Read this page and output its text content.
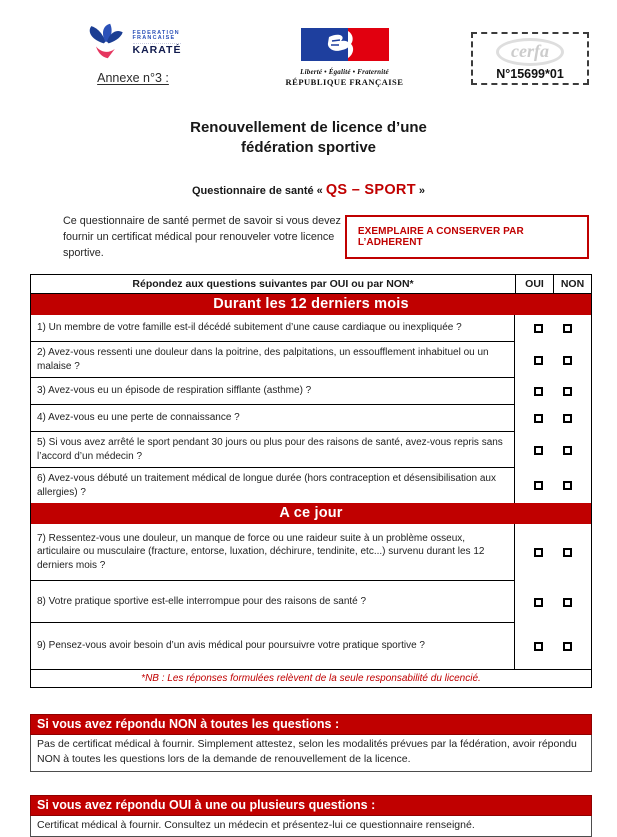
FEDERATION
FRANCAISE
KARATÉ
Annexe n°3 :	Liberté • Égalité • Fraternité
RÉPUBLIQUE FRANÇAISE
cerfa
N°15699*01
Renouvellement de licence d’une
fédération sportive
Questionnaire de santé « QS – SPORT »
Ce questionnaire de santé permet de savoir si vous devez fournir un certificat médical pour renouveler votre licence sportive.
EXEMPLAIRE A CONSERVER PAR L’ADHERENT
Répondez aux questions suivantes par OUI ou par NON*	OUI	NON
Durant les 12 derniers mois
1) Un membre de votre famille est-il décédé subitement d’une cause cardiaque ou inexpliquée ?
2) Avez-vous ressenti une douleur dans la poitrine, des palpitations, un essoufflement inhabituel ou un malaise ?
3) Avez-vous eu un épisode de respiration sifflante (asthme) ?
4) Avez-vous eu une perte de connaissance ?
5) Si vous avez arrêté le sport pendant 30 jours ou plus pour des raisons de santé, avez-vous repris sans l’accord d’un médecin ?
6) Avez-vous débuté un traitement médical de longue durée (hors contraception et désensibilisation aux allergies) ?
A ce jour
7) Ressentez-vous une douleur, un manque de force ou une raideur suite à un problème osseux, articulaire ou musculaire (fracture, entorse, luxation, déchirure, tendinite, etc...) survenu durant les 12 derniers mois ?
8) Votre pratique sportive est-elle interrompue pour des raisons de santé ?
9) Pensez-vous avoir besoin d’un avis médical pour poursuivre votre pratique sportive ?
*NB : Les réponses formulées relèvent de la seule responsabilité du licencié.
Si vous avez répondu NON à toutes les questions :
Pas de certificat médical à fournir. Simplement attestez, selon les modalités prévues par la fédération, avoir répondu NON à toutes les questions lors de la demande de renouvellement de la licence.
Si vous avez répondu OUI à une ou plusieurs questions :
Certificat médical à fournir. Consultez un médecin et présentez-lui ce questionnaire renseigné.
